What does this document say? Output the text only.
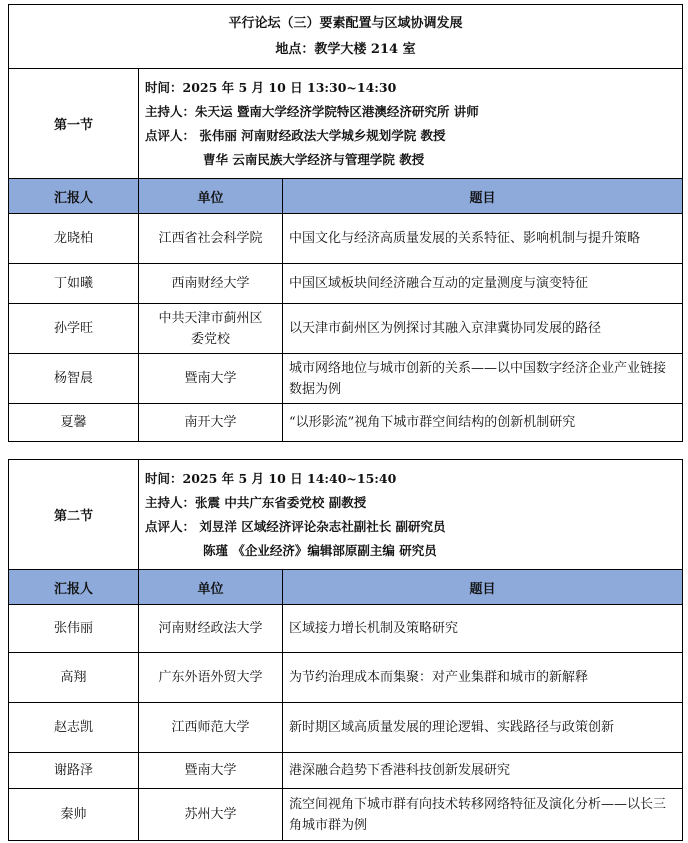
平行论坛（三）要素配置与区域协调发展
地点：教学大楼 214 室		

第一节	时间：2025 年 5 月 10 日 13:30~14:30
主持人：朱天运 暨南大学经济学院特区港澳经济研究所 讲师
点评人： 张伟丽 河南财经政法大学城乡规划学院 教授
曹华 云南民族大学经济与管理学院 教授	

汇报人	单位	题目
龙晓柏	江西省社会科学院	中国文化与经济高质量发展的关系特征、影响机制与提升策略
丁如曦	西南财经大学	中国区域板块间经济融合互动的定量测度与演变特征
孙学旺	中共天津市蓟州区委党校	以天津市蓟州区为例探讨其融入京津冀协同发展的路径
杨智晨	暨南大学	城市网络地位与城市创新的关系——以中国数字经济企业产业链接数据为例
夏馨	南开大学	“以形影流”视角下城市群空间结构的创新机制研究
第二节	时间：2025 年 5 月 10 日 14:40~15:40
主持人：张震 中共广东省委党校 副教授
点评人： 刘昱洋 区域经济评论杂志社副社长 副研究员
陈瑾 《企业经济》编辑部原副主编 研究员	

汇报人	单位	题目
张伟丽	河南财经政法大学	区域接力增长机制及策略研究
高翔	广东外语外贸大学	为节约治理成本而集聚：对产业集群和城市的新解释
赵志凯	江西师范大学	新时期区域高质量发展的理论逻辑、实践路径与政策创新
谢路泽	暨南大学	港深融合趋势下香港科技创新发展研究
秦帅	苏州大学	流空间视角下城市群有向技术转移网络特征及演化分析——以长三角城市群为例
